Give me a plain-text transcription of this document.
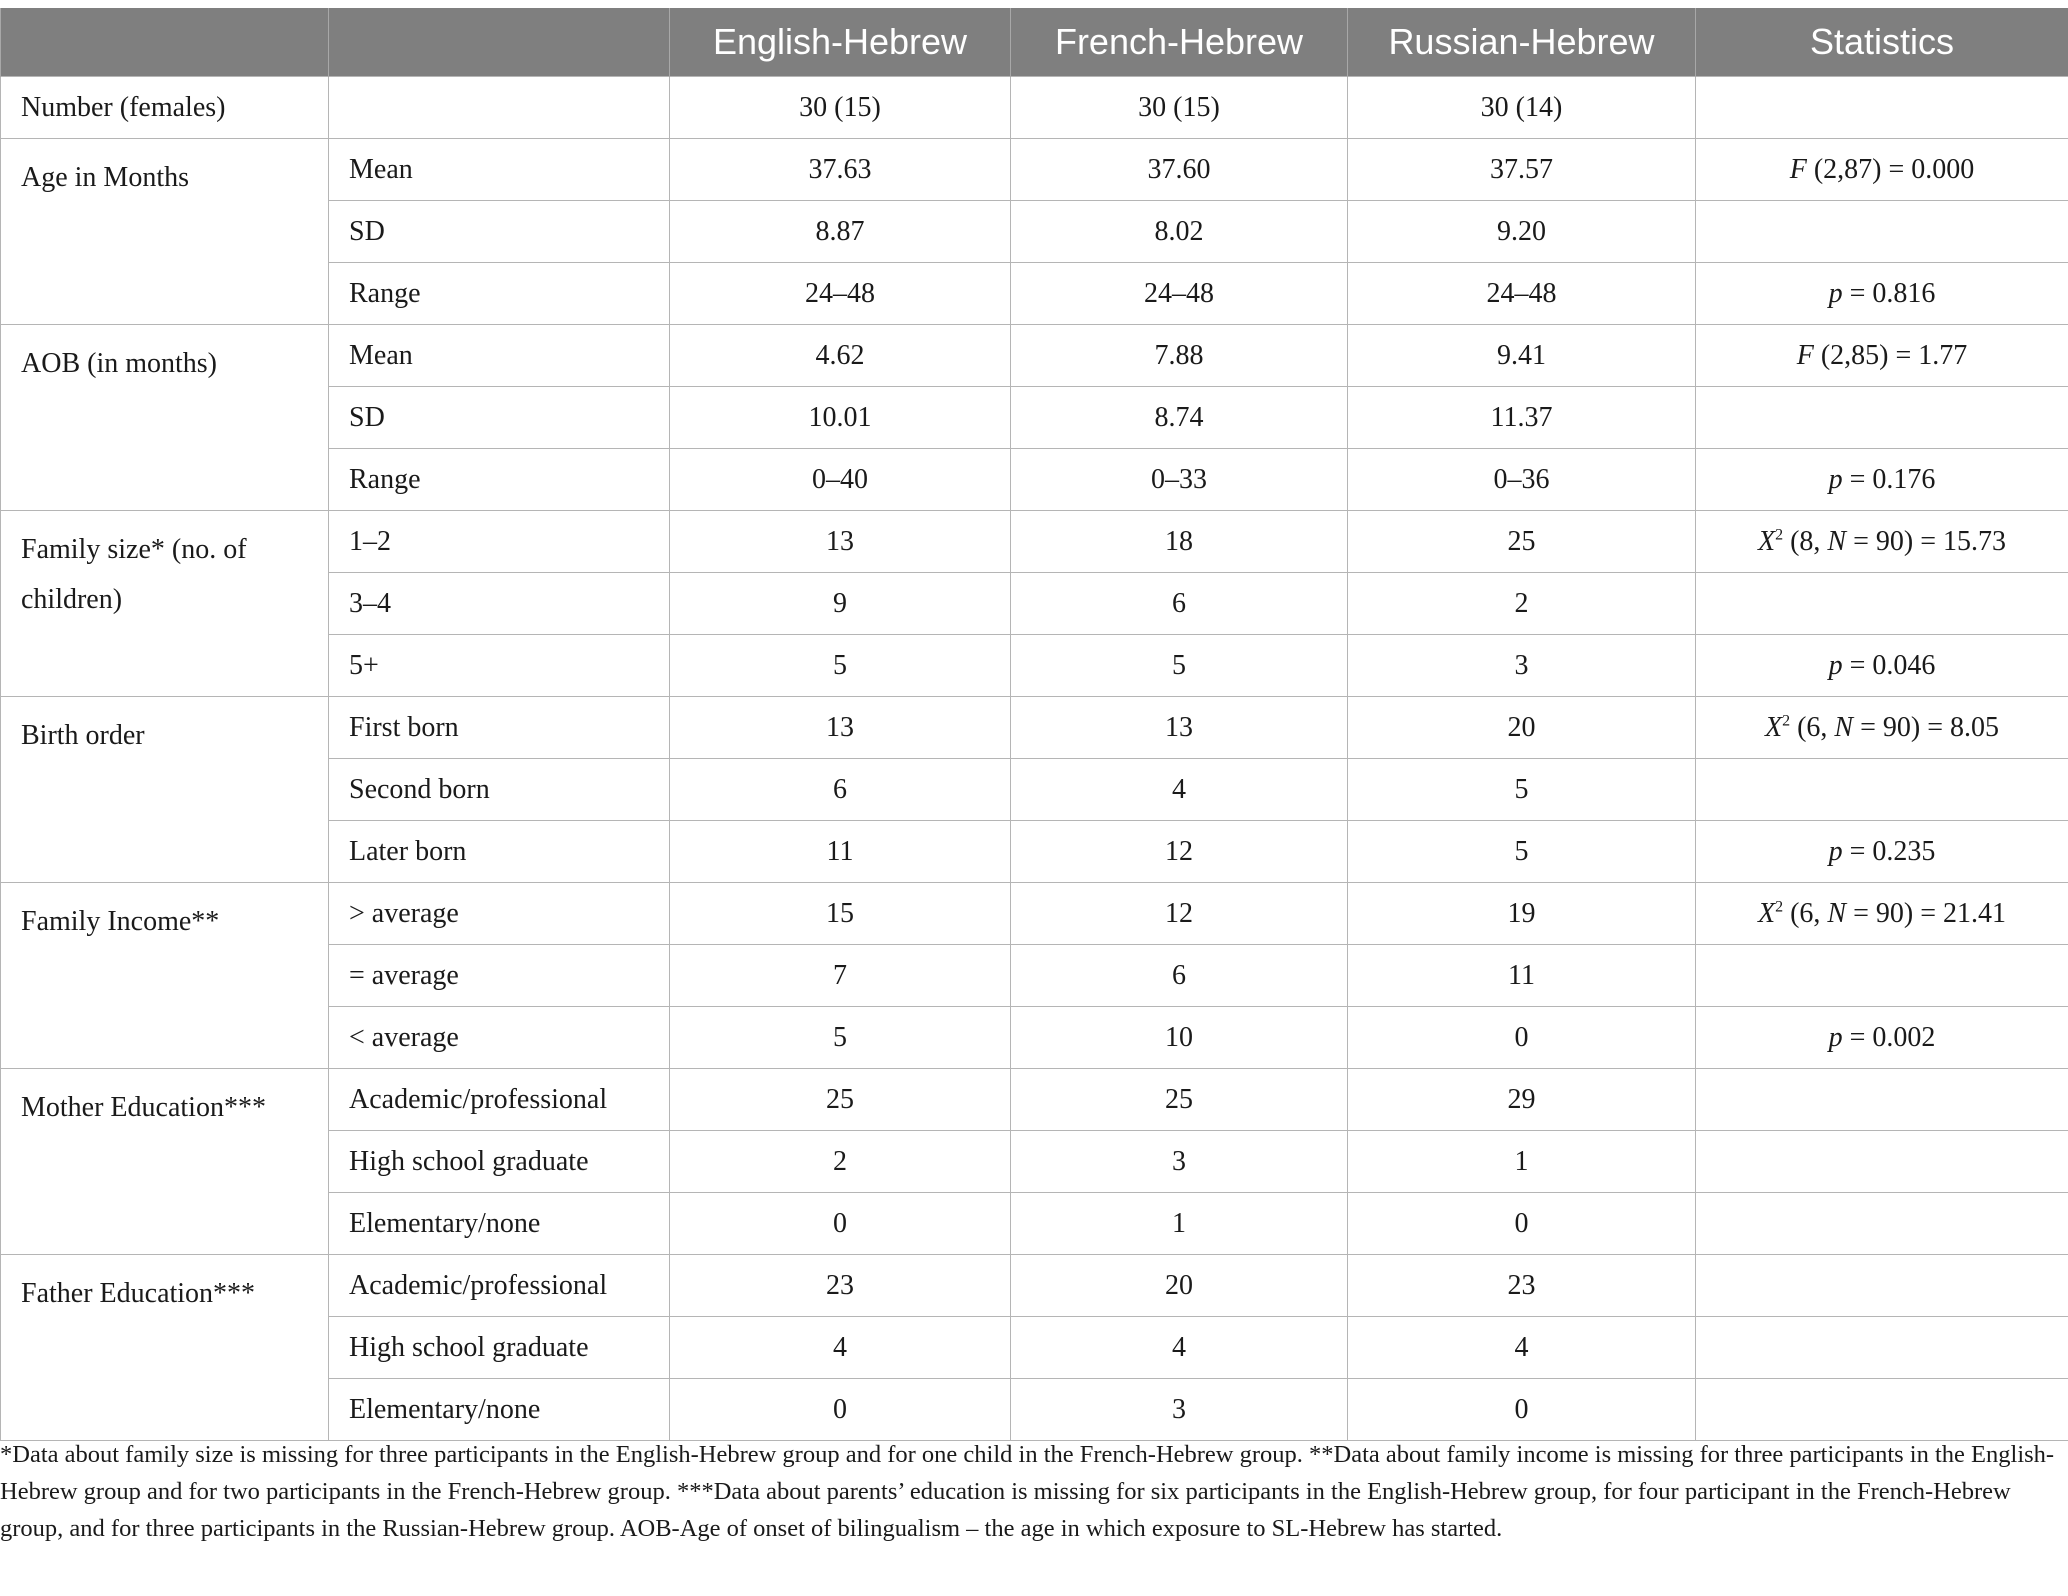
		English-Hebrew	French-Hebrew	Russian-Hebrew	Statistics
Number (females)		30 (15)	30 (15)	30 (14)	
Age in Months	Mean	37.63	37.60	37.57	F (2,87) = 0.000
	SD	8.87	8.02	9.20	
	Range	24–48	24–48	24–48	p = 0.816
AOB (in months)	Mean	4.62	7.88	9.41	F (2,85) = 1.77
	SD	10.01	8.74	11.37	
	Range	0–40	0–33	0–36	p = 0.176
Family size* (no. of children)	1–2	13	18	25	$X^2$ (8, N = 90) = 15.73
	3–4	9	6	2	
	5+	5	5	3	p = 0.046
Birth order	First born	13	13	20	$X^2$ (6, N = 90) = 8.05
	Second born	6	4	5	
	Later born	11	12	5	p = 0.235
Family Income**	> average	15	12	19	$X^2$ (6, N = 90) = 21.41
	= average	7	6	11	
	< average	5	10	0	p = 0.002
Mother Education***	Academic/professional	25	25	29	
	High school graduate	2	3	1	
	Elementary/none	0	1	0	
Father Education***	Academic/professional	23	20	23	
	High school graduate	4	4	4	
	Elementary/none	0	3	0	
*Data about family size is missing for three participants in the English-Hebrew group and for one child in the French-Hebrew group. **Data about family income is missing for three participants in the English-Hebrew group and for two participants in the French-Hebrew group. ***Data about parents’ education is missing for six participants in the English-Hebrew group, for four participant in the French-Hebrew group, and for three participants in the Russian-Hebrew group. AOB-Age of onset of bilingualism – the age in which exposure to SL-Hebrew has started.
